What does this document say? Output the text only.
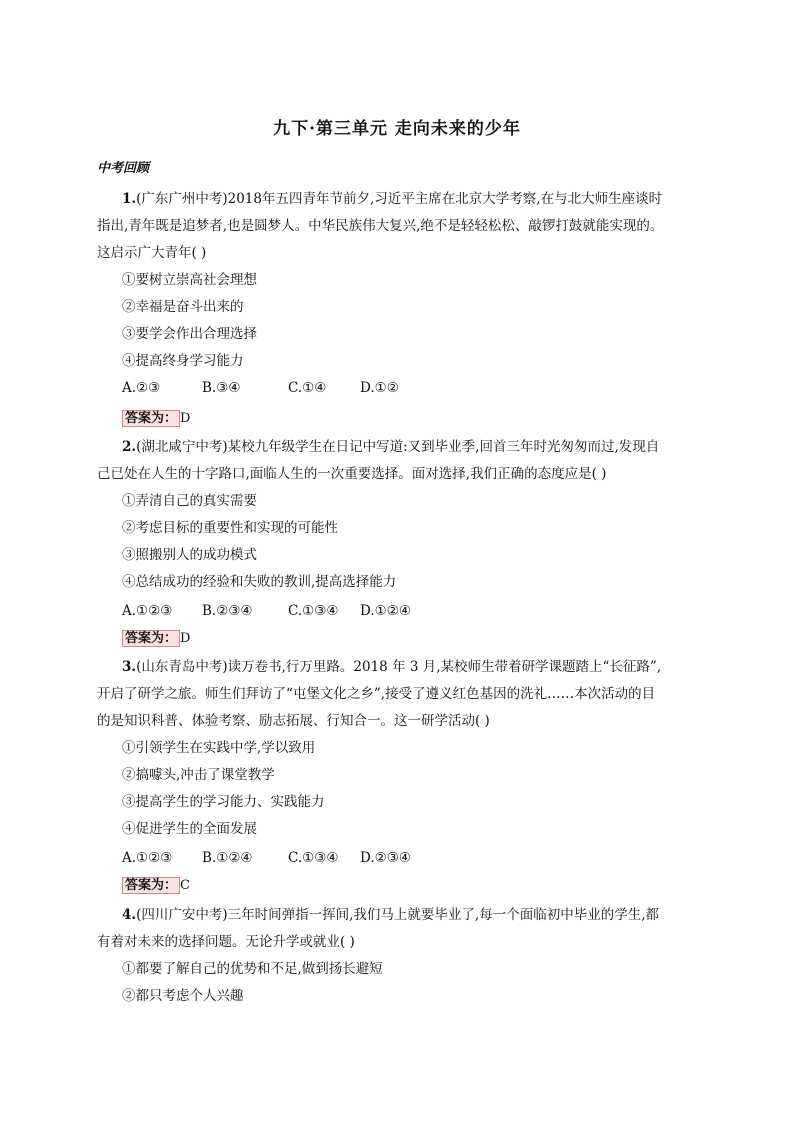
九下·第三单元 走向未来的少年
中考回顾
1.(广东广州中考)2018年五四青年节前夕,习近平主席在北京大学考察,在与北大师生座谈时
指出,青年既是追梦者,也是圆梦人。中华民族伟大复兴,绝不是轻轻松松、敲锣打鼓就能实现的。
这启示广大青年( )
①要树立崇高社会理想
②幸福是奋斗出来的
③要学会作出合理选择
④提高终身学习能力
A.②③	B.③④	C.①④ D.①②
答案为： D
2.(湖北咸宁中考)某校九年级学生在日记中写道:又到毕业季,回首三年时光匆匆而过,发现自
己已处在人生的十字路口,面临人生的一次重要选择。面对选择,我们正确的态度应是( )
①弄清自己的真实需要
②考虑目标的重要性和实现的可能性
③照搬别人的成功模式
④总结成功的经验和失败的教训,提高选择能力
A.①②③ B.②③④	C.①③④ D.①②④
答案为： D
3.(山东青岛中考)读万卷书,行万里路。2018 年 3 月,某校师生带着研学课题踏上“长征路”,
开启了研学之旅。师生们拜访了“屯堡文化之乡”,接受了遵义红色基因的洗礼……本次活动的目
的是知识科普、体验考察、励志拓展、行知合一。这一研学活动( )
①引领学生在实践中学,学以致用
②搞噱头,冲击了课堂教学
③提高学生的学习能力、实践能力
④促进学生的全面发展
A.①②③ B.①②④	C.①③④ D.②③④
答案为： C
4.(四川广安中考)三年时间弹指一挥间,我们马上就要毕业了,每一个面临初中毕业的学生,都
有着对未来的选择问题。无论升学或就业( )
①都要了解自己的优势和不足,做到扬长避短
②都只考虑个人兴趣
